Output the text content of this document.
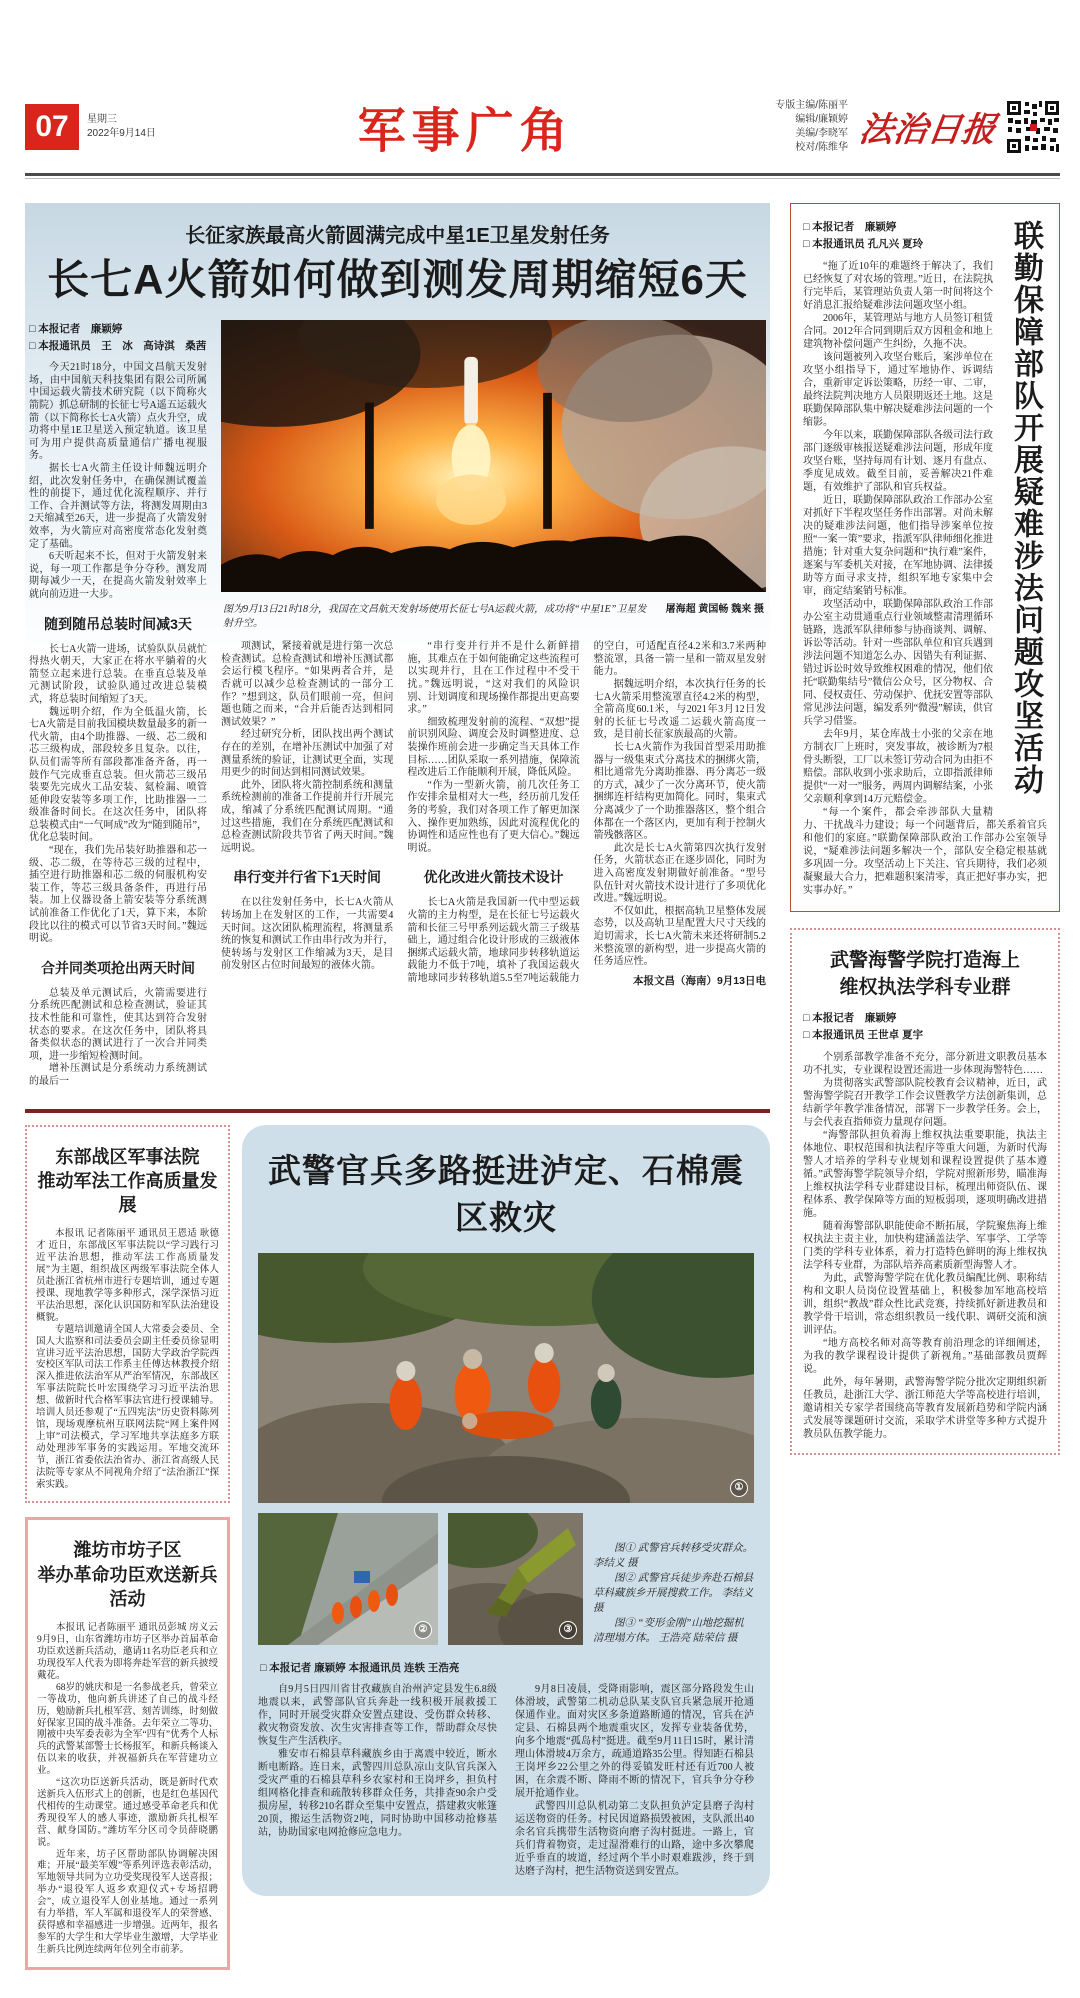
07	星期三
2022年9月14日	军事广角	专版主编/陈丽平
编辑/廉颖婷
美编/李晓军
校对/陈维华 法治日报
长征家族最高火箭圆满完成中星1E卫星发射任务
长七A火箭如何做到测发周期缩短6天
□ 本报记者　廉颖婷
□ 本报通讯员　王　冰　高诗淇　桑茜

今天21时18分，中国文昌航天发射场，由中国航天科技集团有限公司所属中国运载火箭技术研究院（以下简称火箭院）抓总研制的长征七号A遥五运载火箭（以下简称长七A火箭）点火升空，成功将中星1E卫星送入预定轨道。该卫星可为用户提供高质量通信广播电视服务。

据长七A火箭主任设计师魏远明介绍，此次发射任务中，在确保测试覆盖性的前提下，通过优化流程顺序、并行工作、合并测试等方法，将测发周期由32天缩减至26天，进一步提高了火箭发射效率，为火箭应对高密度常态化发射奠定了基础。

6天听起来不长，但对于火箭发射来说，每一项工作都是争分夺秒。测发周期每减少一天，在提高火箭发射效率上就向前迈进一大步。

随到随吊总装时间减3天

长七A火箭一进场，试验队队员就忙得热火朝天，大家正在将水平躺着的火箭竖立起来进行总装。在垂直总装及单元测试阶段，试验队通过改进总装模式，将总装时间缩短了3天。

魏远明介绍，作为全低温火箭，长七A火箭是目前我国模块数量最多的新一代火箭，由4个助推器、一级、芯二级和芯三级构成，部段较多且复杂。以往，队员们需等所有部段都准备齐备，再一鼓作气完成垂直总装。但火箭芯三级吊装要先完成火工品安装、氦检漏、喷管延伸段安装等多项工作，比助推器一二级准备时间长。在这次任务中，团队将总装模式由“一气呵成”改为“随到随吊”，优化总装时间。

“现在，我们先吊装好助推器和芯一级、芯二级，在等待芯三级的过程中，插空进行助推器和芯二级的伺服机构安装工作，等芯三级具备条件，再进行吊装。加上仪器设备上箭安装等分系统测试前准备工作优化了1天，算下来，本阶段比以往的模式可以节省3天时间。”魏远明说。

合并同类项抢出两天时间

总装及单元测试后，火箭需要进行分系统匹配测试和总检查测试，验证其技术性能和可靠性，使其达到符合发射状态的要求。在这次任务中，团队将具备类似状态的测试进行了一次合并同类项，进一步缩短检测时间。

增补压测试是分系统动力系统测试的最后一

图为9月13日21时18分，我国在文昌航天发射场使用长征七号A运载火箭，成功将“中星1E”卫星发射升空。
屠海超 黄国畅 魏来 摄

项测试，紧接着就是进行第一次总检查测试。总检查测试和增补压测试都会运行模飞程序。“如果两者合并，是否就可以减少总检查测试的一部分工作？”想到这，队员们眼前一亮，但问题也随之而来，“合并后能否达到相同测试效果？”

经过研究分析，团队找出两个测试存在的差别，在增补压测试中加强了对测量系统的验证，让测试更全面，实现用更少的时间达到相同测试效果。

此外，团队将火箭控制系统和测量系统检测前的准备工作提前并行开展完成，缩减了分系统匹配测试周期。“通过这些措施，我们在分系统匹配测试和总检查测试阶段共节省了两天时间。”魏远明说。

串行变并行省下1天时间

在以往发射任务中，长七A火箭从转场加上在发射区的工作，一共需要4天时间。这次团队梳理流程，将测量系统的恢复和测试工作由串行改为并行，使转场与发射区工作缩减为3天，是目前发射区占位时间最短的液体火箭。

“串行变并行并不是什么新鲜措施，其难点在于如何能确定这些流程可以实现并行，且在工作过程中不受干扰。”魏远明说，“这对我们的风险识别、计划调度和现场操作都提出更高要求。”

细致梳理发射前的流程、“双想”提前识别风险、调度会及时调整进度、总装操作班前会进一步确定当天具体工作目标……团队采取一系列措施，保障流程改进后工作能顺利开展，降低风险。

“作为一型新火箭，前几次任务工作安排余量相对大一些，经历前几发任务的考验，我们对各项工作了解更加深入、操作更加熟练，因此对流程优化的协调性和适应性也有了更大信心。”魏远明说。

优化改进火箭技术设计

长七A火箭是我国新一代中型运载火箭的主力构型，是在长征七号运载火箭和长征三号甲系列运载火箭三子级基础上，通过组合化设计形成的三级液体捆绑式运载火箭，地球同步转移轨道运载能力不低于7吨，填补了我国运载火箭地球同步转移轨道5.5至7吨运载能力的空白，可适配直径4.2米和3.7米两种整流罩，具备一箭一星和一箭双星发射能力。

据魏远明介绍，本次执行任务的长七A火箭采用整流罩直径4.2米的构型，全箭高度60.1米，与2021年3月12日发射的长征七号改遥二运载火箭高度一致，是目前长征家族最高的火箭。

长七A火箭作为我国首型采用助推器与一级集束式分离技术的捆绑火箭，相比通常先分离助推器、再分离芯一级的方式，减少了一次分离环节，使火箭捆绑连杆结构更加简化。同时，集束式分离减少了一个助推器落区，整个组合体都在一个落区内，更加有利于控制火箭残骸落区。

此次是长七A火箭第四次执行发射任务，火箭状态正在逐步固化，同时为进入高密度发射期做好前准备。“型号队伍针对火箭技术设计进行了多项优化改进。”魏远明说。

不仅如此，根据高轨卫星整体发展态势，以及高轨卫星配置大尺寸天线的迫切需求，长七A火箭未来还将研制5.2米整流罩的新构型，进一步提高火箭的任务适应性。

本报文昌（海南）9月13日电

东部战区军事法院
推动军法工作高质量发展

本报讯 记者陈丽平 通讯员王恩适 耿德才 近日，东部战区军事法院以“学习践行习近平法治思想，推动军法工作高质量发展”为主题，组织战区两级军事法院全体人员赴浙江省杭州市进行专题培训，通过专题授课、现地教学等多种形式，深学深悟习近平法治思想，深化认识国防和军队法治建设概貌。

专题培训邀请全国人大常委会委员、全国人大监察和司法委员会副主任委员徐显明宣讲习近平法治思想，国防大学政治学院西安校区军队司法工作系主任傅达林教授介绍深入推进依法治军从严治军情况，东部战区军事法院院长叶宏围绕学习习近平法治思想、做新时代合格军事法官进行授课辅导。培训人员还参观了“五四宪法”历史资料陈列馆，现场观摩杭州互联网法院“网上案件网上审”司法模式，学习军地共享法庭多方联动处理涉军事务的实践运用。军地交流环节，浙江省委依法治省办、浙江省高级人民法院等专家从不同视角介绍了“法治浙江”探索实践。

潍坊市坊子区
举办革命功臣欢送新兵活动

本报讯 记者陈丽平 通讯员彭城 房义云 9月9日，山东省潍坊市坊子区举办首届革命功臣欢送新兵活动，邀请11名功臣老兵和立功现役军人代表为即将奔赴军营的新兵披绶戴花。

68岁的姚庆和是一名参战老兵，曾荣立一等战功，他向新兵讲述了自己的战斗经历，勉励新兵扎根军营、刻苦训练，时刻做好保家卫国的战斗准备。去年荣立二等功、刚被中央军委表彰为全军“四有”优秀个人标兵的武警某部警士长杨报军，和新兵畅谈入伍以来的收获，并祝福新兵在军营建功立业。

“这次功臣送新兵活动，既是新时代欢送新兵入伍形式上的创新，也是红色基因代代相传的生动课堂。通过感受革命老兵和优秀现役军人的感人事迹，激励新兵扎根军营、献身国防。”潍坊军分区司令员薛晓鹏说。

近年来，坊子区帮助部队协调解决困难；开展“最美军嫂”等系列评选表彰活动，军地领导共同为立功受奖现役军人送喜报；举办“退役军人返乡欢迎仪式+专场招聘会”，成立退役军人创业基地。通过一系列有力举措，军人军属和退役军人的荣誉感、获得感和幸福感进一步增强。近两年，报名参军的大学生和大学毕业生激增，大学毕业生新兵比例连续两年位列全市前茅。

武警官兵多路挺进泸定、石棉震区救灾
①
②	③

图① 武警官兵转移受灾群众。 李结义 摄

图② 武警官兵徒步奔赴石棉县草科藏族乡开展搜救工作。 李结义 摄

图③ “变形金刚”山地挖掘机清理塌方体。 王浩亮 陆荣信 摄

□ 本报记者 廉颖婷 本报通讯员 连轶 王浩亮

自9月5日四川省甘孜藏族自治州泸定县发生6.8级地震以来，武警部队官兵奔赴一线积极开展救援工作，同时开展受灾群众安置点建设、受伤群众转移、救灾物资发放、次生灾害排查等工作，帮助群众尽快恢复生产生活秩序。

雅安市石棉县草科藏族乡由于离震中较近，断水断电断路。连日来，武警四川总队凉山支队官兵深入受灾严重的石棉县草科乡农家村和王岗坪乡，担负村组网格化排查和疏散转移群众任务，共排查90余户受损房屋，转移210名群众至集中安置点，搭建救灾帐篷20顶，搬运生活物资2吨，同时协助中国移动抢修基站，协助国家电网抢修应急电力。

9月8日凌晨，受降雨影响，震区部分路段发生山体滑坡，武警第二机动总队某支队官兵紧急展开抢通保通作业。面对灾区多条道路断通的情况，官兵在泸定县、石棉县两个地震重灾区，发挥专业装备优势，向多个地震“孤岛村”挺进。截至9月11日15时，累计清理山体滑坡4万余方，疏通道路35公里。得知距石棉县王岗坪乡22公里之外的得妥镇发旺村还有近700人被困，在余震不断、降雨不断的情况下，官兵争分夺秒展开抢通作业。

武警四川总队机动第二支队担负泸定县磨子沟村运送物资的任务。村民因道路损毁被困，支队派出40余名官兵携带生活物资向磨子沟村挺进。一路上，官兵们背着物资，走过湿滑难行的山路，途中多次攀爬近乎垂直的坡道，经过两个半小时艰难跋涉，终于到达磨子沟村，把生活物资送到安置点。

联勤保障部队开展疑难涉法问题攻坚活动
□ 本报记者　廉颖婷
□ 本报通讯员 孔凡兴 夏玲

“拖了近10年的难题终于解决了，我们已经恢复了对农场的管理。”近日，在法院执行完毕后，某管理站负责人第一时间将这个好消息汇报给疑难涉法问题攻坚小组。

2006年，某管理站与地方人员签订租赁合同。2012年合同到期后双方因租金和地上建筑物补偿问题产生纠纷，久拖不决。

该问题被列入攻坚台账后，案涉单位在攻坚小组指导下，通过军地协作、诉调结合，重新审定诉讼策略，历经一审、二审，最终法院判决地方人员限期返还土地。这是联勤保障部队集中解决疑难涉法问题的一个缩影。

今年以来，联勤保障部队各级司法行政部门逐级审核报送疑难涉法问题，形成年度攻坚台账，坚持每周有计划、逐月有盘点、季度见成效。截至目前，妥善解决21件难题，有效维护了部队和官兵权益。

近日，联勤保障部队政治工作部办公室对抓好下半程攻坚任务作出部署。对尚未解决的疑难涉法问题，他们指导涉案单位按照“一案一策”要求，指派军队律师细化推进措施；针对重大复杂问题和“执行难”案件，逐案与军委机关对接，在军地协调、法律援助等方面寻求支持，组织军地专家集中会审，商定结案销号标准。

攻坚活动中，联勤保障部队政治工作部办公室主动贯通重点行业领域整肃清理循环链路，选派军队律师参与协商谈判、调解、诉讼等活动。针对一些部队单位和官兵遇到涉法问题不知道怎么办、因错失有利证据、错过诉讼时效导致维权困难的情况，他们依托“联勤集结号”微信公众号，区分物权、合同、侵权责任、劳动保护、优抚安置等部队常见涉法问题，编发系列“微漫”解读，供官兵学习借鉴。

去年9月，某仓库战士小张的父亲在地方制衣厂上班时，突发事故，被诊断为7根骨头断裂，工厂以未签订劳动合同为由拒不赔偿。部队收到小张求助后，立即指派律师提供“一对一”服务，两周内调解结案，小张父亲顺利拿到14万元赔偿金。

“每一个案件，都会牵涉部队大量精力、干扰战斗力建设；每一个问题背后，都关系着官兵和他们的家庭。”联勤保障部队政治工作部办公室领导说，“疑难涉法问题多解决一个，部队安全稳定根基就多巩固一分。攻坚活动上下关注、官兵期待，我们必须凝聚最大合力，把难题积案清零，真正把好事办实，把实事办好。”

武警海警学院打造海上
维权执法学科专业群
□ 本报记者　廉颖婷
□ 本报通讯员 王世卓 夏宇

个别系部教学准备不充分，部分新进文职教员基本功不扎实，专业课程设置还需进一步体现海警特色……

为贯彻落实武警部队院校教育会议精神，近日，武警海警学院召开教学工作会议暨教学方法创新集训，总结新学年教学准备情况，部署下一步教学任务。会上，与会代表直指师资力量现存问题。

“海警部队担负着海上维权执法重要职能，执法主体地位、职权范围和执法程序等重大问题，为新时代海警人才培养的学科专业规划和课程设置提供了基本遵循。”武警海警学院领导介绍，学院对照新形势，瞄准海上维权执法学科专业群建设目标，梳理出师资队伍、课程体系、教学保障等方面的短板弱项，逐项明确改进措施。

随着海警部队职能使命不断拓展，学院聚焦海上维权执法主责主业，加快构建涵盖法学、军事学、工学等门类的学科专业体系，着力打造特色鲜明的海上维权执法学科专业群，为部队培养高素质新型海警人才。

为此，武警海警学院在优化教员编配比例、职称结构和文职人员岗位设置基础上，积极参加军地高校培训，组织“教战”群众性比武竞赛，持续抓好新进教员和教学骨干培训，常态组织教员一线代职、调研交流和演训评估。

“地方高校名师对高等教育前沿理念的详细阐述，为我的教学课程设计提供了新视角。”基础部教员贾辉说。

此外，每年暑期，武警海警学院分批次定期组织新任教员，赴浙江大学、浙江师范大学等高校进行培训，邀请相关专家学者围绕高等教育发展新趋势和学院内涵式发展等课题研讨交流，采取学术讲堂等多种方式提升教员队伍教学能力。
